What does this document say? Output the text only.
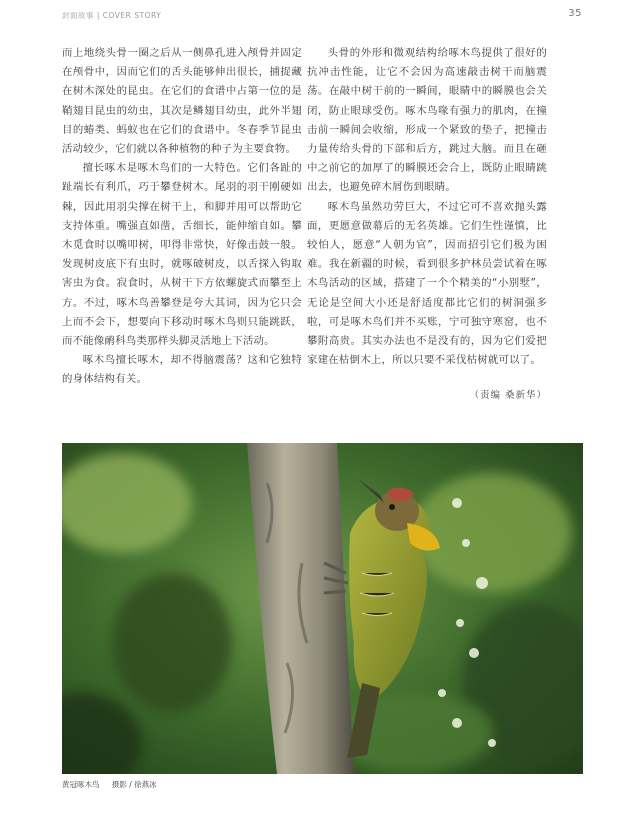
封面故事 | COVER STORY	35

而上地绕头骨一圈之后从一侧鼻孔进入颅骨并固定在颅骨中，因而它们的舌头能够伸出很长，捕捉藏在树木深处的昆虫。在它们的食谱中占第一位的是鞘翅目昆虫的幼虫，其次是鳞翅目幼虫，此外半翅目的蝽类、蚂蚁也在它们的食谱中。冬春季节昆虫活动较少，它们就以各种植物的种子为主要食物。

擅长啄木是啄木鸟们的一大特色。它们各趾的趾端长有利爪，巧于攀登树木。尾羽的羽干刚硬如棘，因此用羽尖撑在树干上，和脚并用可以帮助它支持体重。嘴强直如凿，舌细长，能伸缩自如。攀木觅食时以嘴叩树，叩得非常快，好像击鼓一般。发现树皮底下有虫时，就啄破树皮，以舌探入钩取害虫为食。寂食时，从树干下方依螺旋式而攀至上方。不过，啄木鸟善攀登是夸大其词，因为它只会上而不会下，想要向下移动时啄木鸟则只能跳跃，而不能像鸸科鸟类那样头脚灵活地上下活动。

啄木鸟擅长啄木，却不得脑震荡？这和它独特的身体结构有关。

头骨的外形和微观结构给啄木鸟提供了很好的抗冲击性能，让它不会因为高速敲击树干而脑震荡。在敲中树干前的一瞬间，眼睛中的瞬膜也会关闭，防止眼球受伤。啄木鸟喙有强力的肌肉，在撞击前一瞬间会收缩，形成一个紧致的垫子，把撞击力量传给头骨的下部和后方，跳过大脑。而且在砸中之前它的加厚了的瞬膜还会合上，既防止眼睛跳出去，也避免碎木屑伤到眼睛。

啄木鸟虽然功劳巨大，不过它可不喜欢抛头露面，更愿意做幕后的无名英雄。它们生性谨慎，比较怕人，愿意“人朝为官”，因而招引它们极为困难。我在新疆的时候，看到很多护林员尝试着在啄木鸟活动的区域，搭建了一个个精美的“小别墅”，无论是空间大小还是舒适度都比它们的树洞强多啦，可是啄木鸟们并不买账，宁可独守寒窑，也不攀附高贵。其实办法也不是没有的，因为它们爱把家建在枯倒木上，所以只要不采伐枯树就可以了。

（责编 桑新华）
黄冠啄木鸟 摄影 / 徐燕冰
